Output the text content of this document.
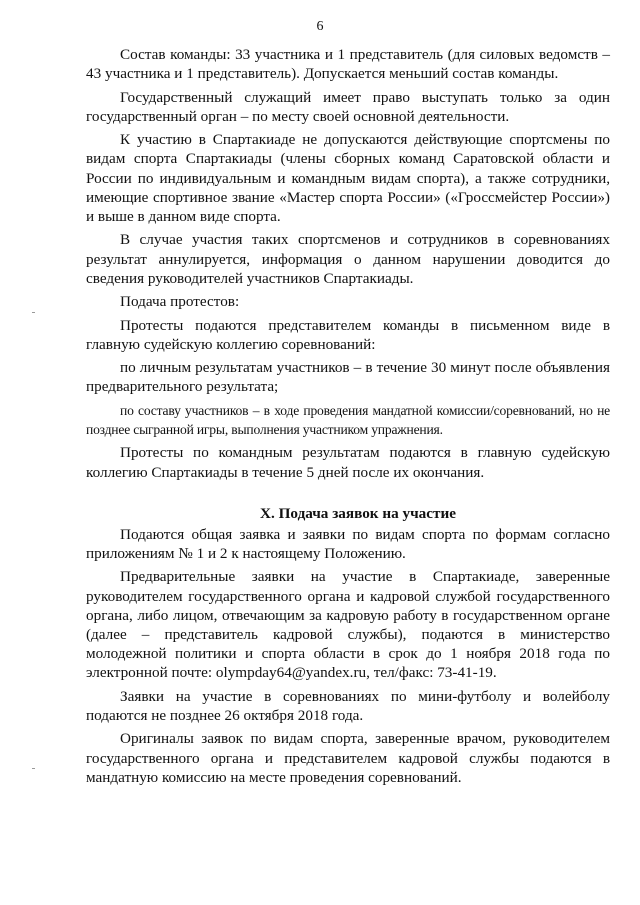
6

Состав команды: 33 участника и 1 представитель (для силовых ведомств – 43 участника и 1 представитель). Допускается меньший состав команды.

Государственный служащий имеет право выступать только за один государственный орган – по месту своей основной деятельности.

К участию в Спартакиаде не допускаются действующие спортсмены по видам спорта Спартакиады (члены сборных команд Саратовской области и России по индивидуальным и командным видам спорта), а также сотрудники, имеющие спортивное звание «Мастер спорта России» («Гроссмейстер России») и выше в данном виде спорта.

В случае участия таких спортсменов и сотрудников в соревнованиях результат аннулируется, информация о данном нарушении доводится до сведения руководителей участников Спартакиады.

Подача протестов:

Протесты подаются представителем команды в письменном виде в главную судейскую коллегию соревнований:

по личным результатам участников – в течение 30 минут после объявления предварительного результата;

по составу участников – в ходе проведения мандатной комиссии/соревнований, но не позднее сыгранной игры, выполнения участником упражнения.

Протесты по командным результатам подаются в главную судейскую коллегию Спартакиады в течение 5 дней после их окончания.

X. Подача заявок на участие

Подаются общая заявка и заявки по видам спорта по формам согласно приложениям № 1 и 2 к настоящему Положению.

Предварительные заявки на участие в Спартакиаде, заверенные руководителем государственного органа и кадровой службой государственного органа, либо лицом, отвечающим за кадровую работу в государственном органе (далее – представитель кадровой службы), подаются в министерство молодежной политики и спорта области в срок до 1 ноября 2018 года по электронной почте: olympday64@yandex.ru, тел/факс: 73-41-19.

Заявки на участие в соревнованиях по мини-футболу и волейболу подаются не позднее 26 октября 2018 года.

Оригиналы заявок по видам спорта, заверенные врачом, руководителем государственного органа и представителем кадровой службы подаются в мандатную комиссию на месте проведения соревнований.
